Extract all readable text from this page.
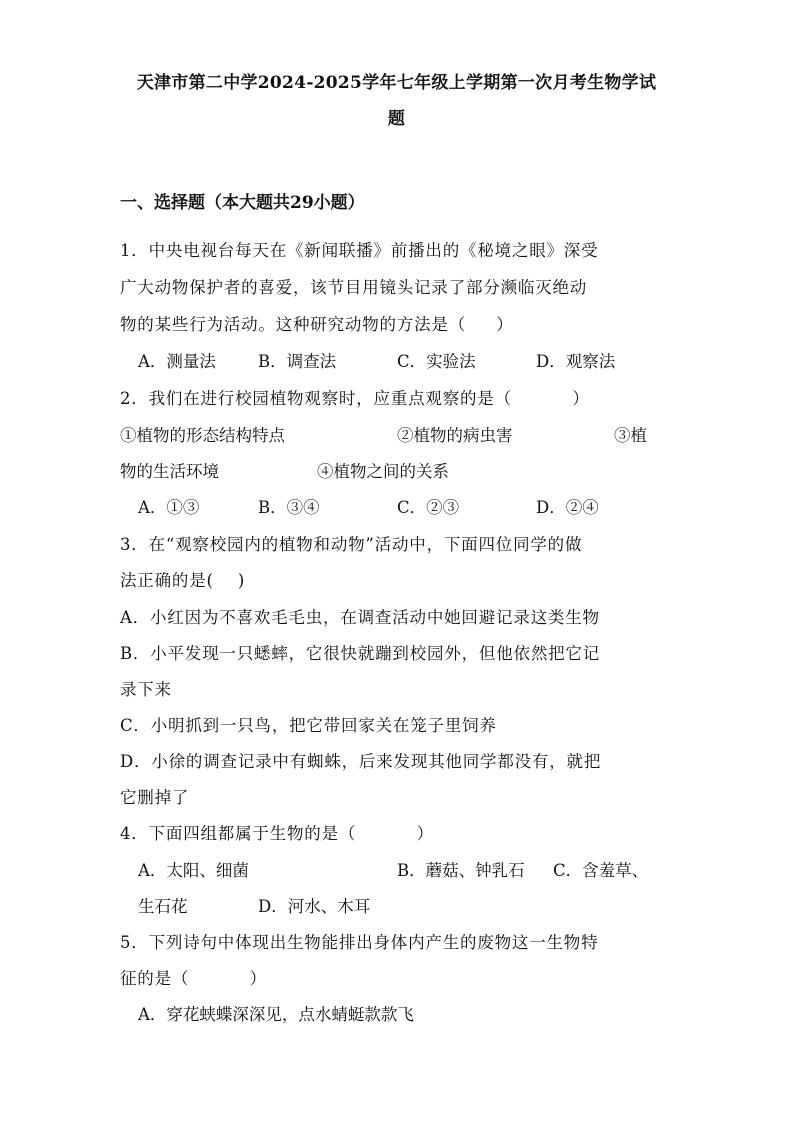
天津市第二中学2024-2025学年七年级上学期第一次月考生物学试
题
一、选择题（本大题共29小题）
1．中央电视台每天在《新闻联播》前播出的《秘境之眼》深受
广大动物保护者的喜爱，该节目用镜头记录了部分濒临灭绝动
物的某些行为活动。这种研究动物的方法是（     ）
A．测量法	B．调查法	C．实验法	D．观察法
2．我们在进行校园植物观察时，应重点观察的是（          ）
①植物的形态结构特点	②植物的病虫害	③植
物的生活环境	④植物之间的关系
A．①③	B．③④	C．②③	D．②④
3．在“观察校园内的植物和动物”活动中，下面四位同学的做
法正确的是(    )
A．小红因为不喜欢毛毛虫，在调查活动中她回避记录这类生物
B．小平发现一只蟋蟀，它很快就蹦到校园外，但他依然把它记
录下来
C．小明抓到一只鸟，把它带回家关在笼子里饲养
D．小徐的调查记录中有蜘蛛，后来发现其他同学都没有，就把
它删掉了
4．下面四组都属于生物的是（          ）
A．太阳、细菌	B．蘑菇、钟乳石 C．含羞草、
生石花	D．河水、木耳
5．下列诗句中体现出生物能排出身体内产生的废物这一生物特
征的是（          ）
A．穿花蛱蝶深深见，点水蜻蜓款款飞
